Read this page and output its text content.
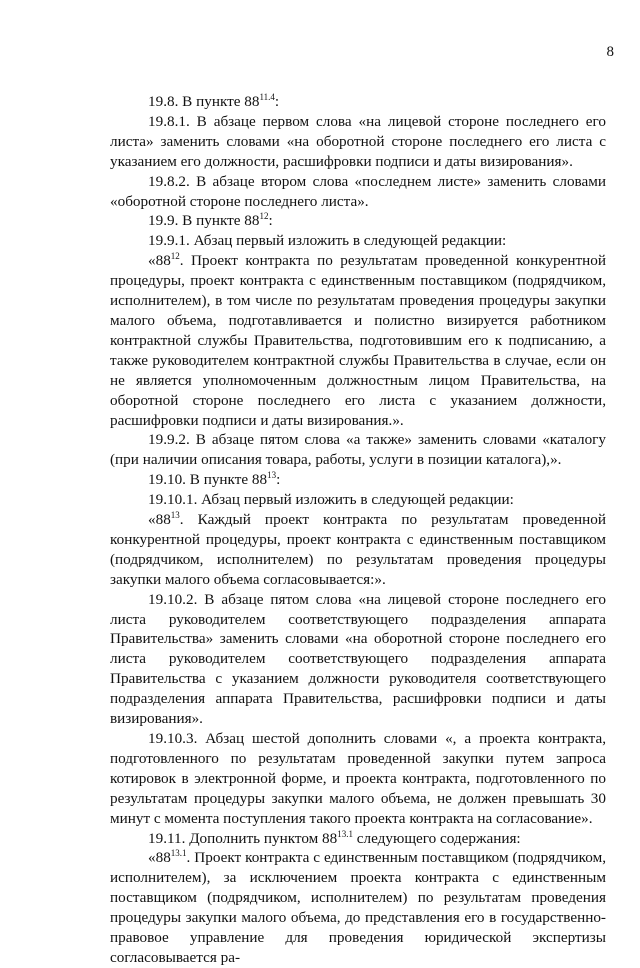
8

19.8. В пункте $88^{11.4}$:

19.8.1. В абзаце первом слова «на лицевой стороне последнего его листа» заменить словами «на оборотной стороне последнего его листа с указанием его должности, расшифровки подписи и даты визирования».

19.8.2. В абзаце втором слова «последнем листе» заменить словами «оборотной стороне последнего листа».

19.9. В пункте $88^{12}$:

19.9.1. Абзац первый изложить в следующей редакции:

«$88^{12}$. Проект контракта по результатам проведенной конкурентной процедуры, проект контракта с единственным поставщиком (подрядчиком, исполнителем), в том числе по результатам проведения процедуры закупки малого объема, подготавливается и полистно визируется работником контрактной службы Правительства, подготовившим его к подписанию, а также руководителем контрактной службы Правительства в случае, если он не является уполномоченным должностным лицом Правительства, на оборотной стороне последнего его листа с указанием должности, расшифровки подписи и даты визирования.».

19.9.2. В абзаце пятом слова «а также» заменить словами «каталогу (при наличии описания товара, работы, услуги в позиции каталога),».

19.10. В пункте $88^{13}$:

19.10.1. Абзац первый изложить в следующей редакции:

«$88^{13}$. Каждый проект контракта по результатам проведенной конкурентной процедуры, проект контракта с единственным поставщиком (подрядчиком, исполнителем) по результатам проведения процедуры закупки малого объема согласовывается:».

19.10.2. В абзаце пятом слова «на лицевой стороне последнего его листа руководителем соответствующего подразделения аппарата Правительства» заменить словами «на оборотной стороне последнего его листа руководителем соответствующего подразделения аппарата Правительства с указанием должности руководителя соответствующего подразделения аппарата Правительства, расшифровки подписи и даты визирования».

19.10.3. Абзац шестой дополнить словами «, а проекта контракта, подготовленного по результатам проведенной закупки путем запроса котировок в электронной форме, и проекта контракта, подготовленного по результатам процедуры закупки малого объема, не должен превышать 30 минут с момента поступления такого проекта контракта на согласование».

19.11. Дополнить пунктом $88^{13.1}$ следующего содержания:

«$88^{13.1}$. Проект контракта с единственным поставщиком (подрядчиком, исполнителем), за исключением проекта контракта с единственным поставщиком (подрядчиком, исполнителем) по результатам проведения процедуры закупки малого объема, до представления его в государственно-правовое управление для проведения юридической экспертизы согласовывается ра-
